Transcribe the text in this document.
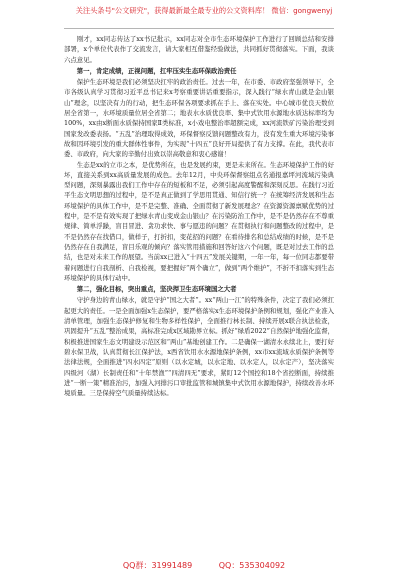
关注头条号"公文研究"，获得最新最全最专业的公文资料库！ 微信：gongwenyj

刚才，xx同志传达了xx书记批示，xx同志对全市生态环境保护工作进行了回顾总结和安排部署，x个单位代表作了交流发言，请大家相互借鉴经验做法，共同抓好贯彻落实。下面，我谈六点意见。

第一，肯定成绩，正视问题，扛牢压实生态环保政治责任

保护生态环境是我们必须坚决扛牢的政治责任。过去一年，在市委、市政府坚强领导下，全市各级认真学习贯彻习近平总书记来x考察重要讲话重要指示，深入践行“绿水青山就是金山银山”理念，以坚决有力的行动，把生态环保各项要求抓在手上、落在实处。中心城市优良天数位居全省第一，水环境质量位居全省第二；地表水水质优良率、集中式饮用水源地水质达标率均为100%，xx由x断面水质保持国家Ⅱ类标准，x小戏电整治率超额完成，xx河流铁矿污染治理受到国家发改委表扬。“五乱”治理取得成效，环保督察反馈问题整改有力，没有发生重大环境污染事故和因环境引发的重大群体性事件，为实现“十四五”良好开局提供了有力支撑。在此，我代表市委、市政府，向大家的辛勤付出致以崇高敬意和衷心感谢！

生态是xx的立市之本，是优势所在，也是发展约束，更是未来所在。生态环境保护工作的好坏，直接关系到xx高质量发展的成色。去年12月，中央环保督察组点名通报嘉坪河流域污染典型问题，深刻暴露出我们工作中存在的短板和不足，必须引起高度警醒和深刻反思。在践行习近平生态文明思想的过程中，是不是真正做到了学思用贯通、知信行统一？在统筹经济发展和生态环境保护的具体工作中，是不是完整、准确、全面贯彻了新发展理念？在资源资源禀赋优势的过程中，是不是有效实现了把绿水青山变成金山银山？在污染防治工作中，是不是仍然存在不尊重规律、简单浮躁，盲目冒进、贪功求快、事与愿违的问题？在贯彻执行和问题整改的过程中，是不是仍然存在找借口，做样子，打折扣，变花招的问题？在看待排名和总结成绩的时候，是不是仍然存在自我满足，盲目乐观的倾向？落实管用措施和回答好这六个问题，既是对过去工作的总结，也是对未来工作的展望。当前xx已进入“十四五”发展关键期，一年一年，每一位同志都要带着问题进行自我剖析、自我检视，要把握好“两个确立”，做到“两个维护”，不折不扣落实到生态环境保护的具体行动中。

第二，强化目标，突出重点，坚决捍卫生态环境国之大者

守护身边的青山绿水，就是守护“国之大者”。xx“两山一江”的特殊条件，决定了我们必须扛起更大的责任。一是全面加强x生态保护，要严格落实x生态环境保护条例和规划，强化产业准入清单管理，加强生态保护修复和生物多样性保护，全面推行林长制、持续开展x联合执法检查，巩固提升“五乱”整治成果，高标准完成x区域勘界立标。抓好“绿盾2022”自然保护地强化监督，积极推进国家生态文明建设示范区和“两山”基地创建工作。二是确保一湖清水永续北上，要打好碧水保卫战，认真贯彻长江保护法，x西省饮用水水源地保护条例，xx市xx流域水质保护条例等法律法规，全面推进“四水四定”原则（以水定城，以水定地、以水定人，以水定产），坚决落实四级河（湖）长制责任和“十年禁渔”“四清四无”要求，紧盯12个国控和18个省控断面，持续推进“一断一策”精准治污，加强入河排污口审批监管和城镇集中式饮用水源地保护，持续改善水环境质量。三是保持空气质量持续达标。

QQ群：31991489	QQ：535304092
